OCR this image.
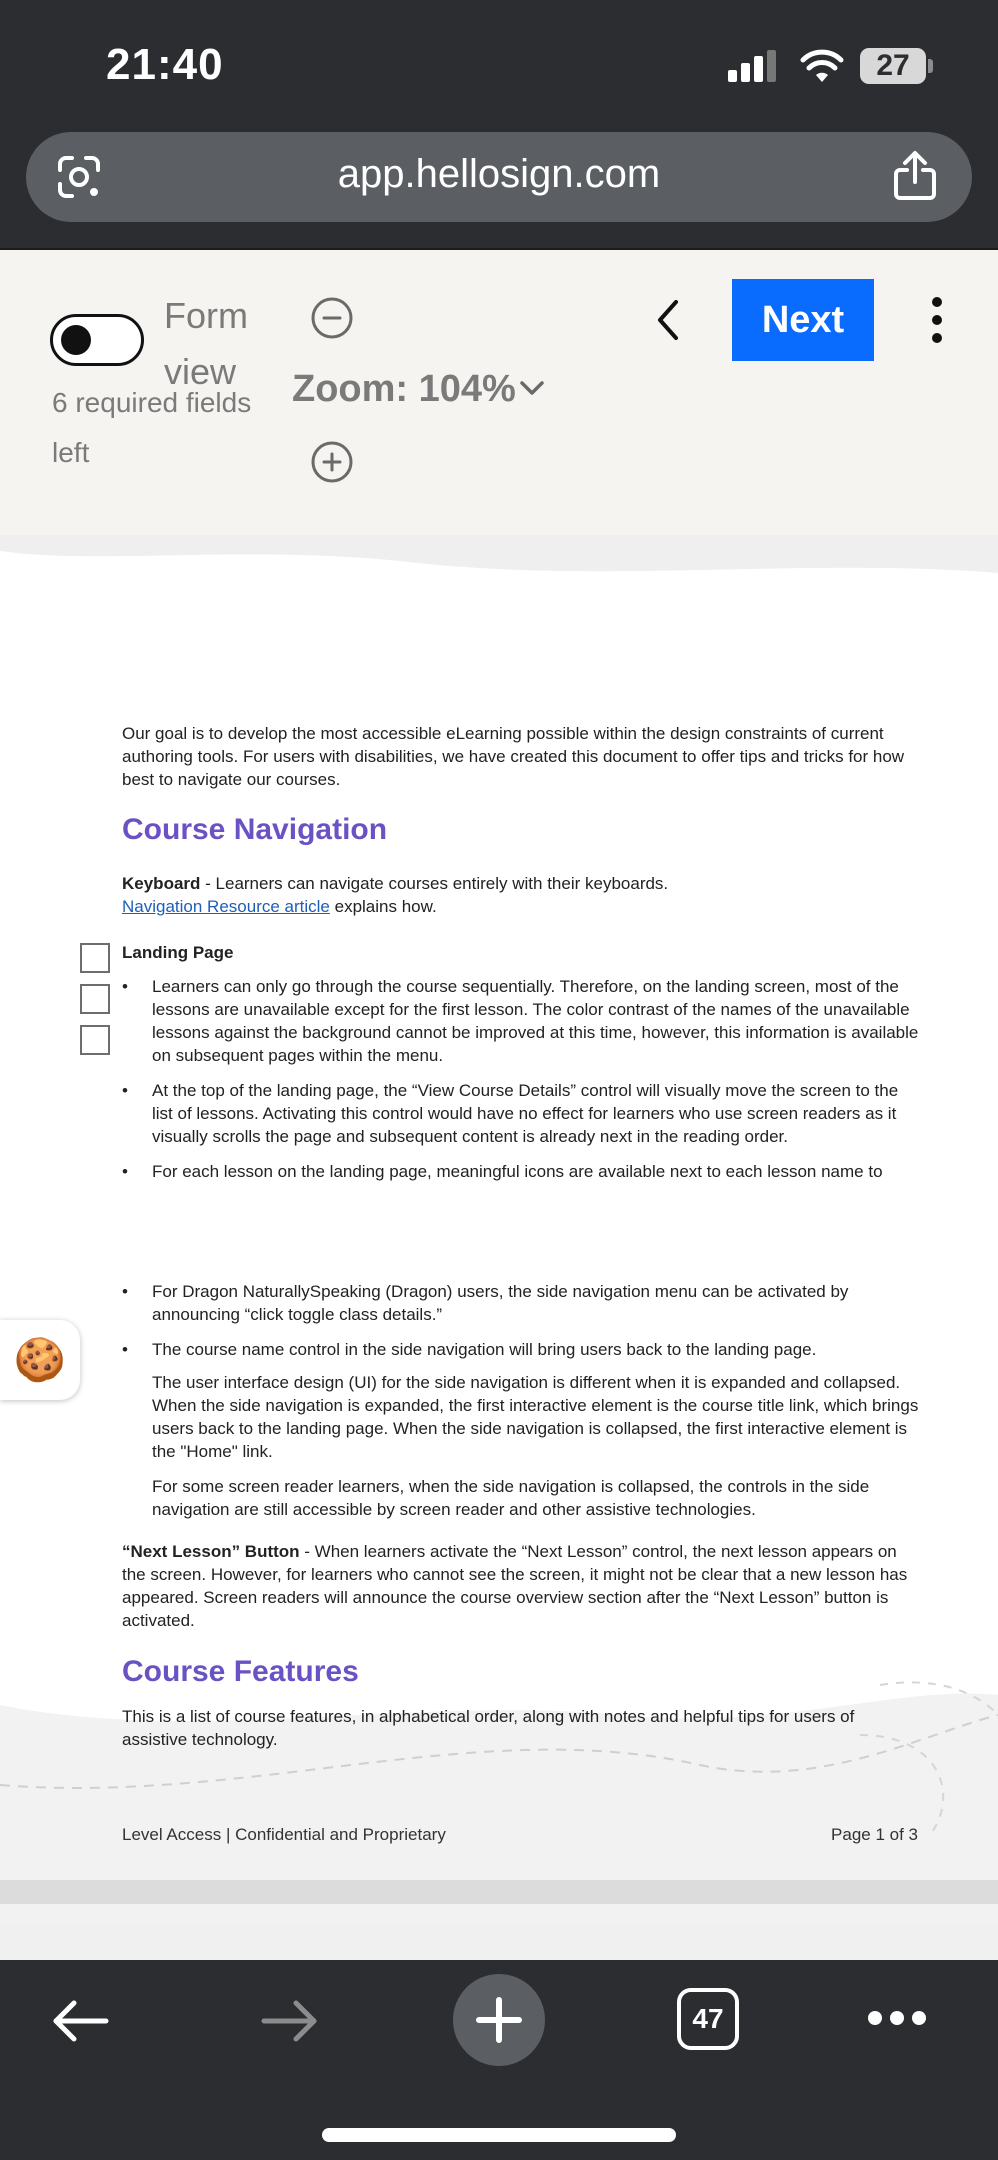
21:40	27
app.hellosign.com
Form view
6 required fields left
Zoom: 104%
Next

Our goal is to develop the most accessible eLearning possible within the design constraints of current authoring tools. For users with disabilities, we have created this document to offer tips and tricks for how best to navigate our courses.

Course Navigation

Keyboard - Learners can navigate courses entirely with their keyboards.
Navigation Resource article explains how.

Landing Page
• Learners can only go through the course sequentially. Therefore, on the landing screen, most of the lessons are unavailable except for the first lesson. The color contrast of the names of the unavailable lessons against the background cannot be improved at this time, however, this information is available on subsequent pages within the menu.
• At the top of the landing page, the “View Course Details” control will visually move the screen to the list of lessons. Activating this control would have no effect for learners who use screen readers as it visually scrolls the page and subsequent content is already next in the reading order.
• For each lesson on the landing page, meaningful icons are available next to each lesson name to
• For Dragon NaturallySpeaking (Dragon) users, the side navigation menu can be activated by announcing “click toggle class details.”
• The course name control in the side navigation will bring users back to the landing page.

The user interface design (UI) for the side navigation is different when it is expanded and collapsed. When the side navigation is expanded, the first interactive element is the course title link, which brings users back to the landing page. When the side navigation is collapsed, the first interactive element is the "Home" link.

For some screen reader learners, when the side navigation is collapsed, the controls in the side navigation are still accessible by screen reader and other assistive technologies.

“Next Lesson” Button - When learners activate the “Next Lesson” control, the next lesson appears on the screen. However, for learners who cannot see the screen, it might not be clear that a new lesson has appeared. Screen readers will announce the course overview section after the “Next Lesson” button is activated.

Course Features

This is a list of course features, in alphabetical order, along with notes and helpful tips for users of assistive technology.

Level Access | Confidential and Proprietary	Page 1 of 3
🍪
47
